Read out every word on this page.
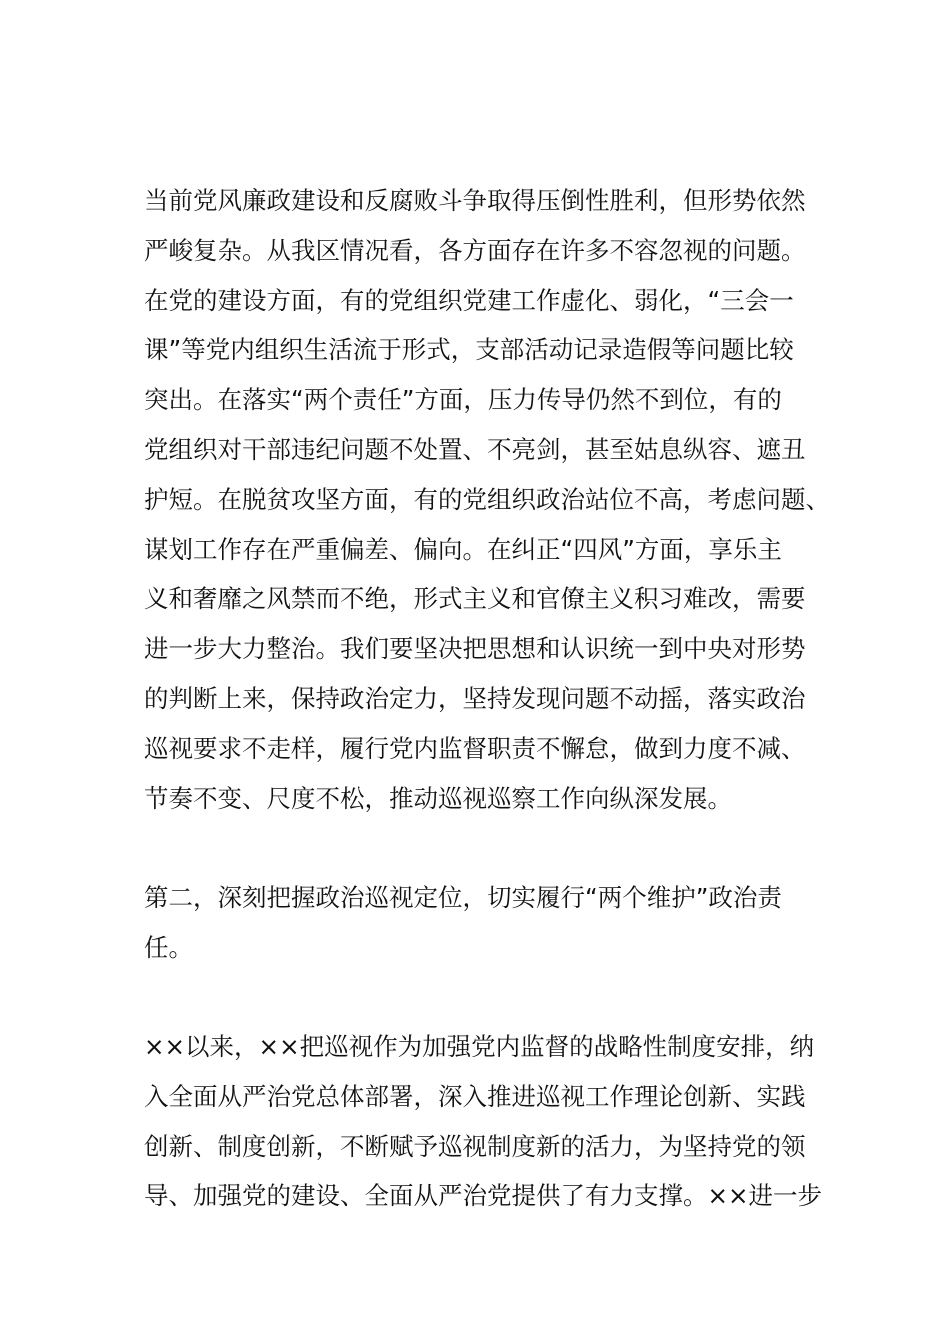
当前党风廉政建设和反腐败斗争取得压倒性胜利，但形势依然
严峻复杂。从我区情况看，各方面存在许多不容忽视的问题。
在党的建设方面，有的党组织党建工作虚化、弱化，“三会一
课”等党内组织生活流于形式，支部活动记录造假等问题比较
突出。在落实“两个责任”方面，压力传导仍然不到位，有的
党组织对干部违纪问题不处置、不亮剑，甚至姑息纵容、遮丑
护短。在脱贫攻坚方面，有的党组织政治站位不高，考虑问题、
谋划工作存在严重偏差、偏向。在纠正“四风”方面，享乐主
义和奢靡之风禁而不绝，形式主义和官僚主义积习难改，需要
进一步大力整治。我们要坚决把思想和认识统一到中央对形势
的判断上来，保持政治定力，坚持发现问题不动摇，落实政治
巡视要求不走样，履行党内监督职责不懈怠，做到力度不减、
节奏不变、尺度不松，推动巡视巡察工作向纵深发展。
第二，深刻把握政治巡视定位，切实履行“两个维护”政治责
任。
××以来，××把巡视作为加强党内监督的战略性制度安排，纳
入全面从严治党总体部署，深入推进巡视工作理论创新、实践
创新、制度创新，不断赋予巡视制度新的活力，为坚持党的领
导、加强党的建设、全面从严治党提供了有力支撑。××进一步
